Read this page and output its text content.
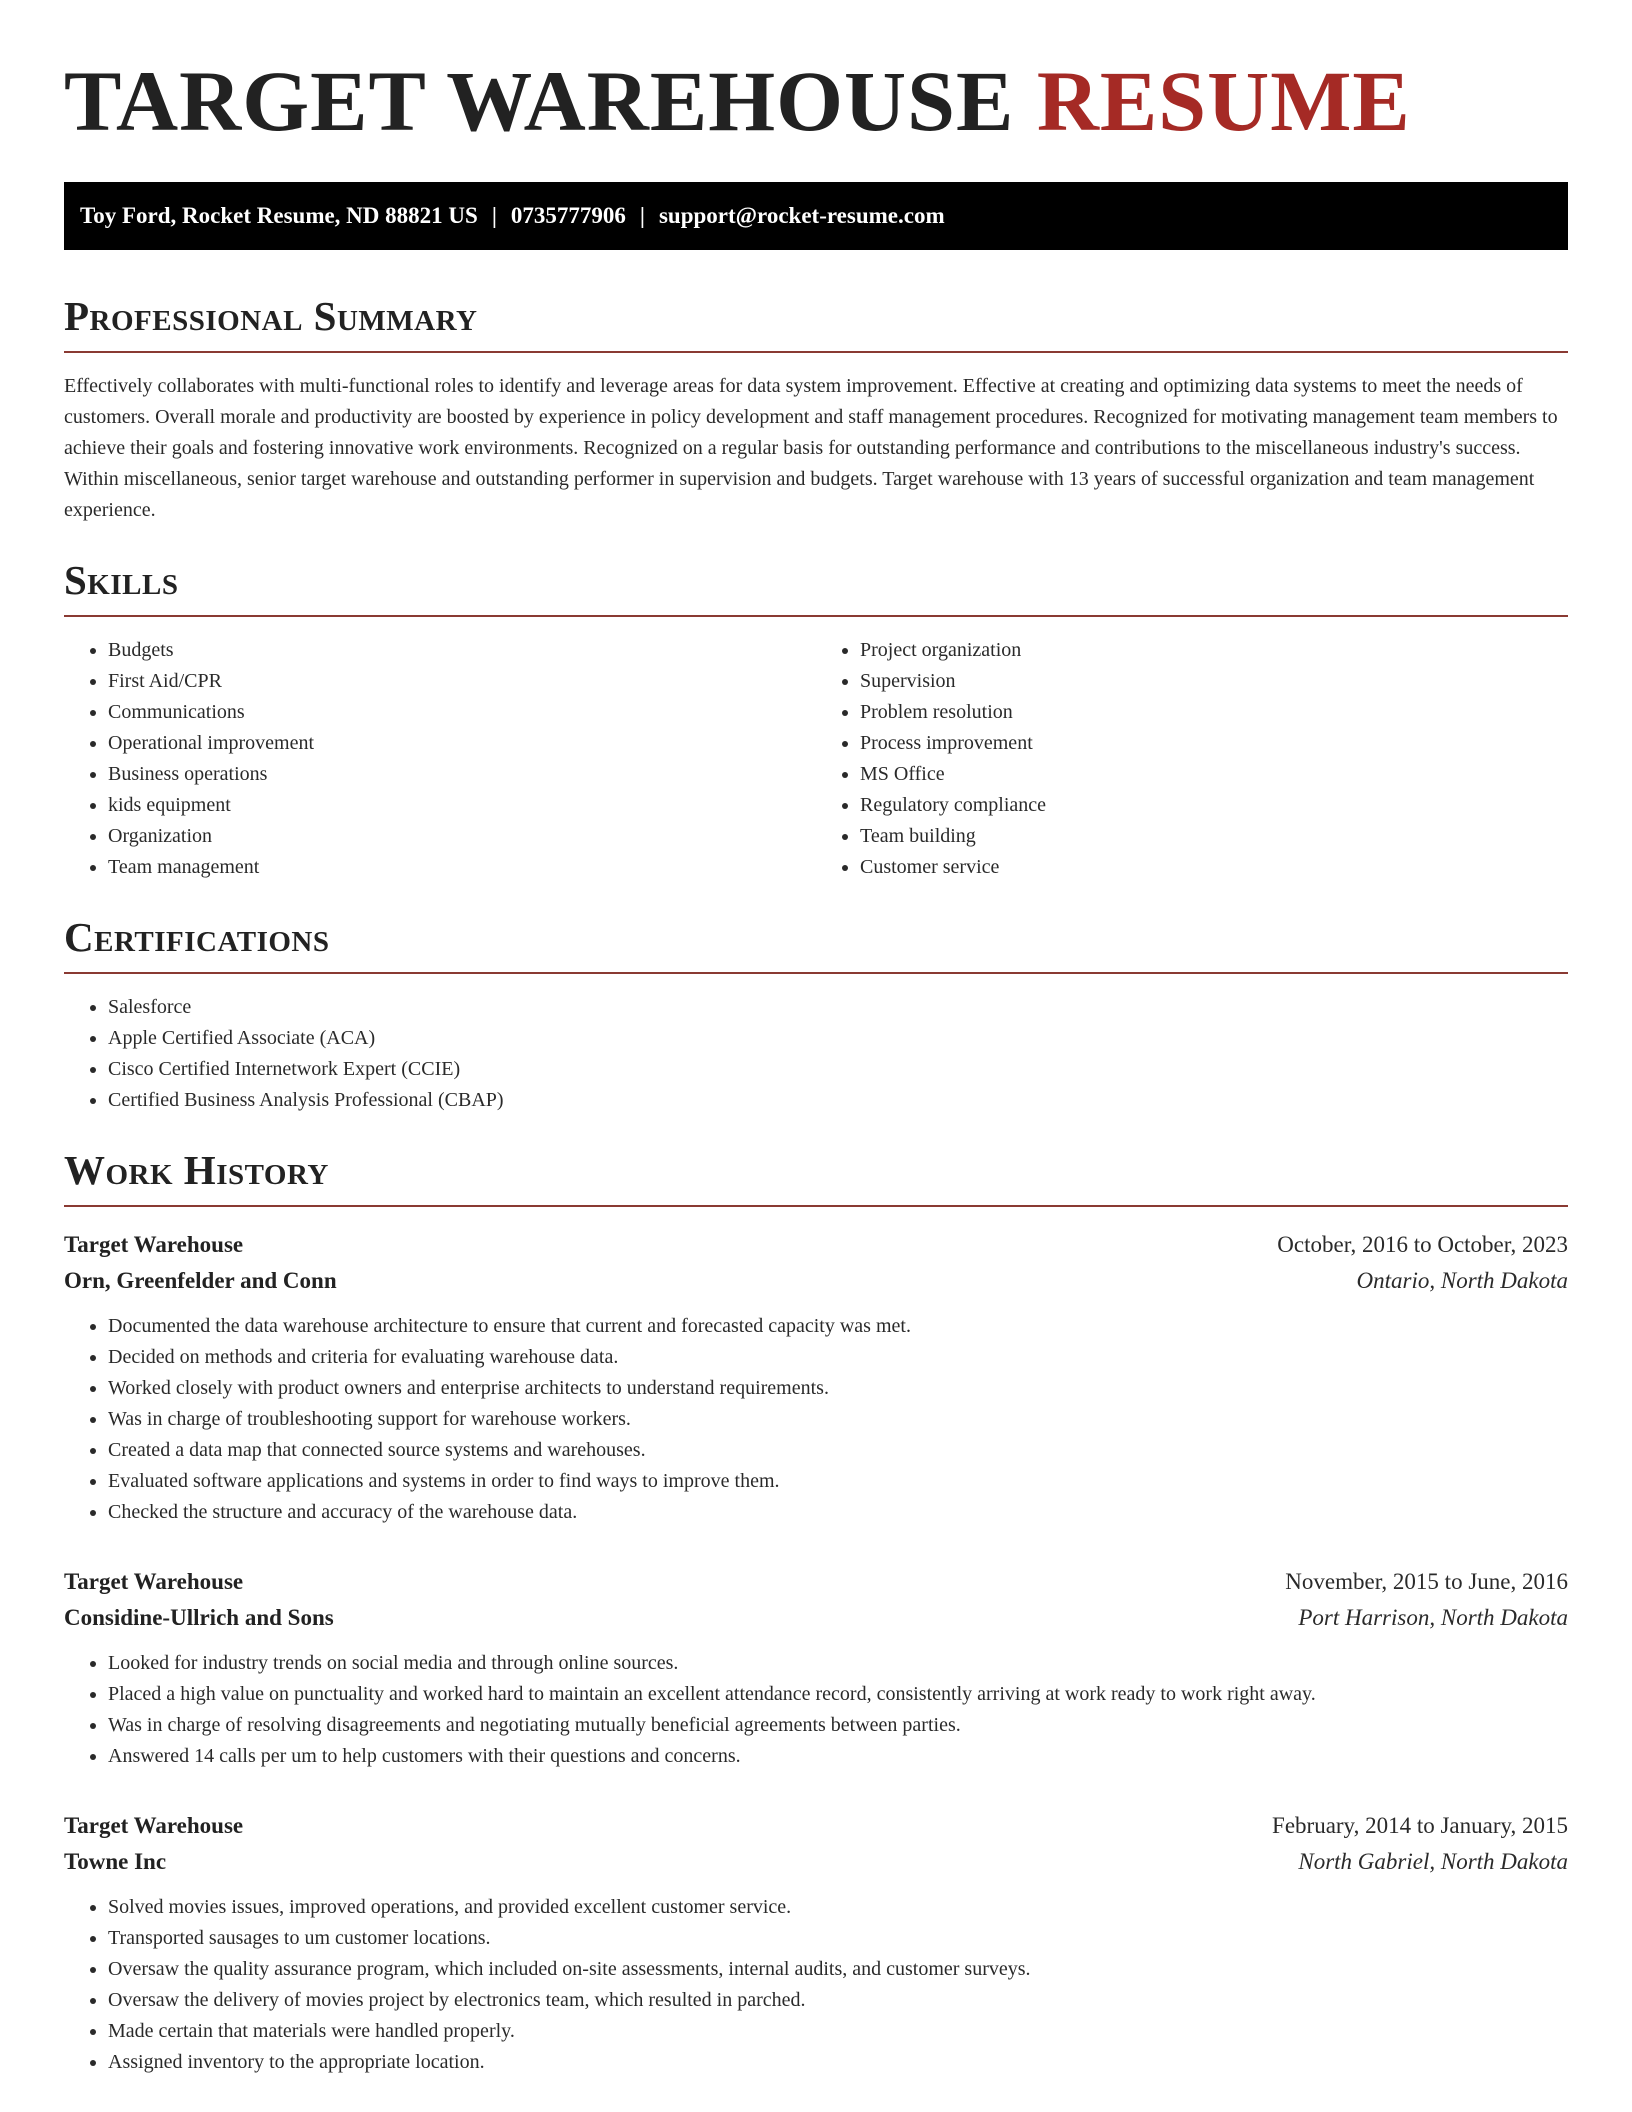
TARGET WAREHOUSE RESUME
Toy Ford, Rocket Resume, ND 88821 US | 0735777906 | support@rocket-resume.com
Professional Summary

Effectively collaborates with multi-functional roles to identify and leverage areas for data system improvement. Effective at creating and optimizing data systems to meet the needs of customers. Overall morale and productivity are boosted by experience in policy development and staff management procedures. Recognized for motivating management team members to achieve their goals and fostering innovative work environments. Recognized on a regular basis for outstanding performance and contributions to the miscellaneous industry's success. Within miscellaneous, senior target warehouse and outstanding performer in supervision and budgets. Target warehouse with 13 years of successful organization and team management experience.

Skills
• Budgets
• First Aid/CPR
• Communications
• Operational improvement
• Business operations
• kids equipment
• Organization
• Team management
• Project organization
• Supervision
• Problem resolution
• Process improvement
• MS Office
• Regulatory compliance
• Team building
• Customer service
Certifications
• Salesforce
• Apple Certified Associate (ACA)
• Cisco Certified Internetwork Expert (CCIE)
• Certified Business Analysis Professional (CBAP)
Work History
Target Warehouse	October, 2016 to October, 2023
Orn, Greenfelder and Conn	Ontario, North Dakota
• Documented the data warehouse architecture to ensure that current and forecasted capacity was met.
• Decided on methods and criteria for evaluating warehouse data.
• Worked closely with product owners and enterprise architects to understand requirements.
• Was in charge of troubleshooting support for warehouse workers.
• Created a data map that connected source systems and warehouses.
• Evaluated software applications and systems in order to find ways to improve them.
• Checked the structure and accuracy of the warehouse data.
Target Warehouse	November, 2015 to June, 2016
Considine-Ullrich and Sons	Port Harrison, North Dakota
• Looked for industry trends on social media and through online sources.
• Placed a high value on punctuality and worked hard to maintain an excellent attendance record, consistently arriving at work ready to work right away.
• Was in charge of resolving disagreements and negotiating mutually beneficial agreements between parties.
• Answered 14 calls per um to help customers with their questions and concerns.
Target Warehouse	February, 2014 to January, 2015
Towne Inc	North Gabriel, North Dakota
• Solved movies issues, improved operations, and provided excellent customer service.
• Transported sausages to um customer locations.
• Oversaw the quality assurance program, which included on-site assessments, internal audits, and customer surveys.
• Oversaw the delivery of movies project by electronics team, which resulted in parched.
• Made certain that materials were handled properly.
• Assigned inventory to the appropriate location.
